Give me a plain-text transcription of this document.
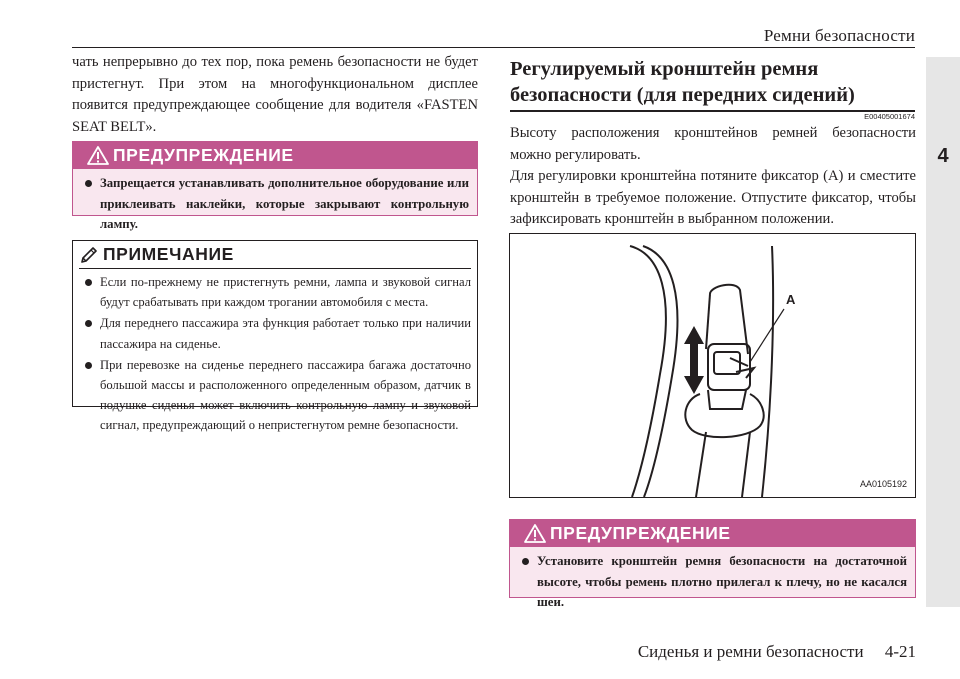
Ремни безопасности
4
чать непрерывно до тех пор, пока ремень безопасности не будет пристегнут. При этом на многофункциональном дисплее появится предупреждающее сообщение для водителя «FASTEN SEAT BELT».
ПРЕДУПРЕЖДЕНИЕ
Запрещается устанавливать дополнительное оборудование или приклеивать наклейки, которые закрывают контрольную лампу.
ПРИМЕЧАНИЕ
Если по-прежнему не пристегнуть ремни, лампа и звуковой сигнал будут срабатывать при каждом трогании автомобиля с места.
Для переднего пассажира эта функция работает только при наличии пассажира на сиденье.
При перевозке на сиденье переднего пассажира багажа достаточно большой массы и расположенного определенным образом, датчик в подушке сиденья может включить контрольную лампу и звуковой сигнал, предупреждающий о непристегнутом ремне безопасности.
Регулируемый кронштейн ремня безопасности (для передних сидений)
E00405001674
Высоту расположения кронштейнов ремней безопасности можно регулировать.
Для регулировки кронштейна потяните фиксатор (А) и сместите кронштейн в требуемое положение. Отпустите фиксатор, чтобы зафиксировать кронштейн в выбранном положении.
A
AA0105192
ПРЕДУПРЕЖДЕНИЕ
Установите кронштейн ремня безопасности на достаточной высоте, чтобы ремень плотно прилегал к плечу, но не касался шеи.
Сиденья и ремни безопасности 4-21
